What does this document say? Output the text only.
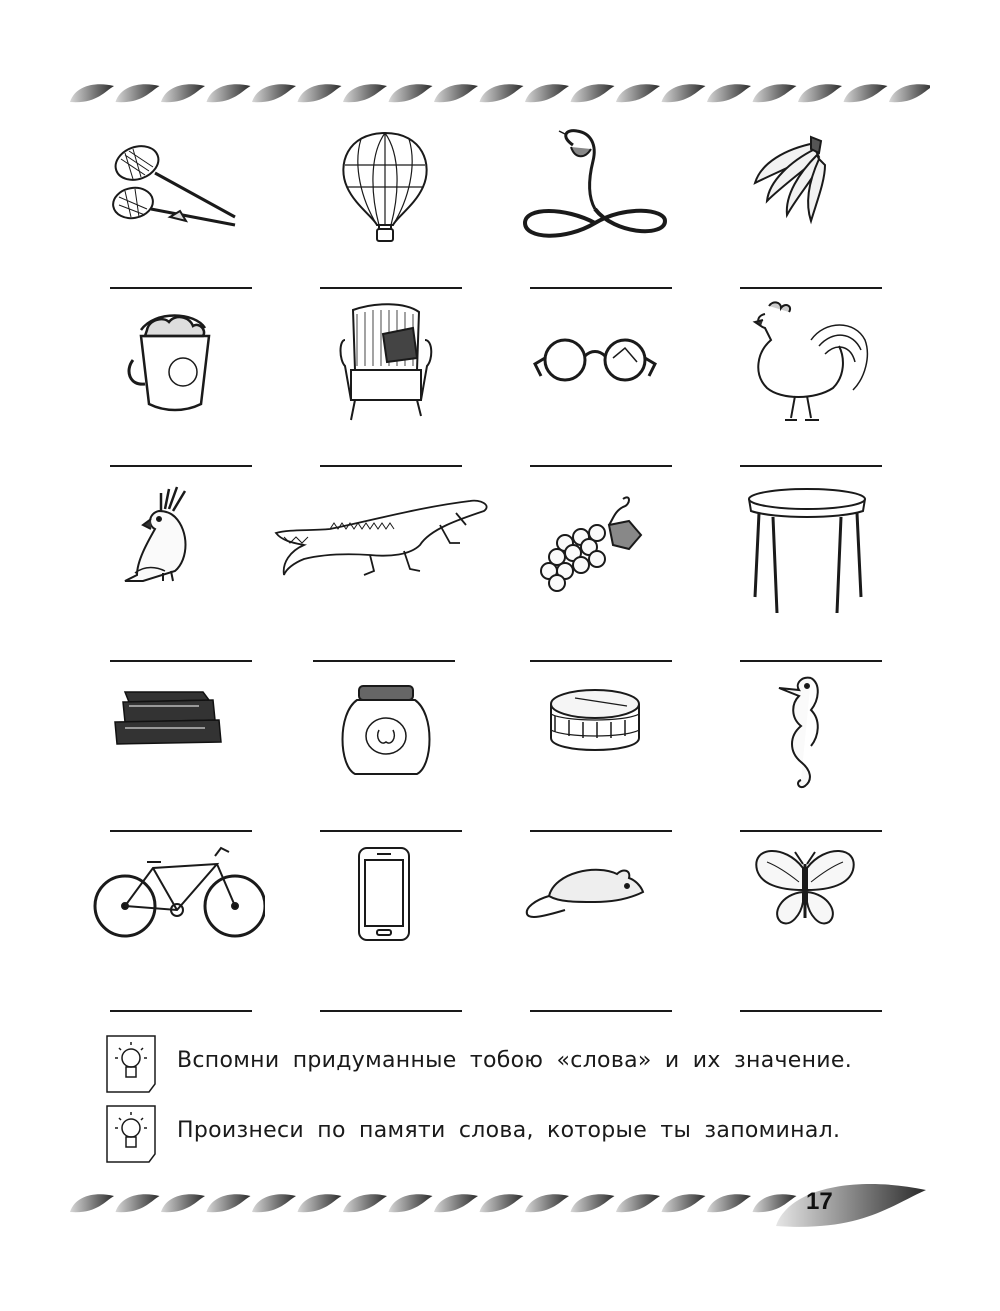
Вспомни придуманные тобою «слова» и их значение.
Произнеси по памяти слова, которые ты запоминал.
17
